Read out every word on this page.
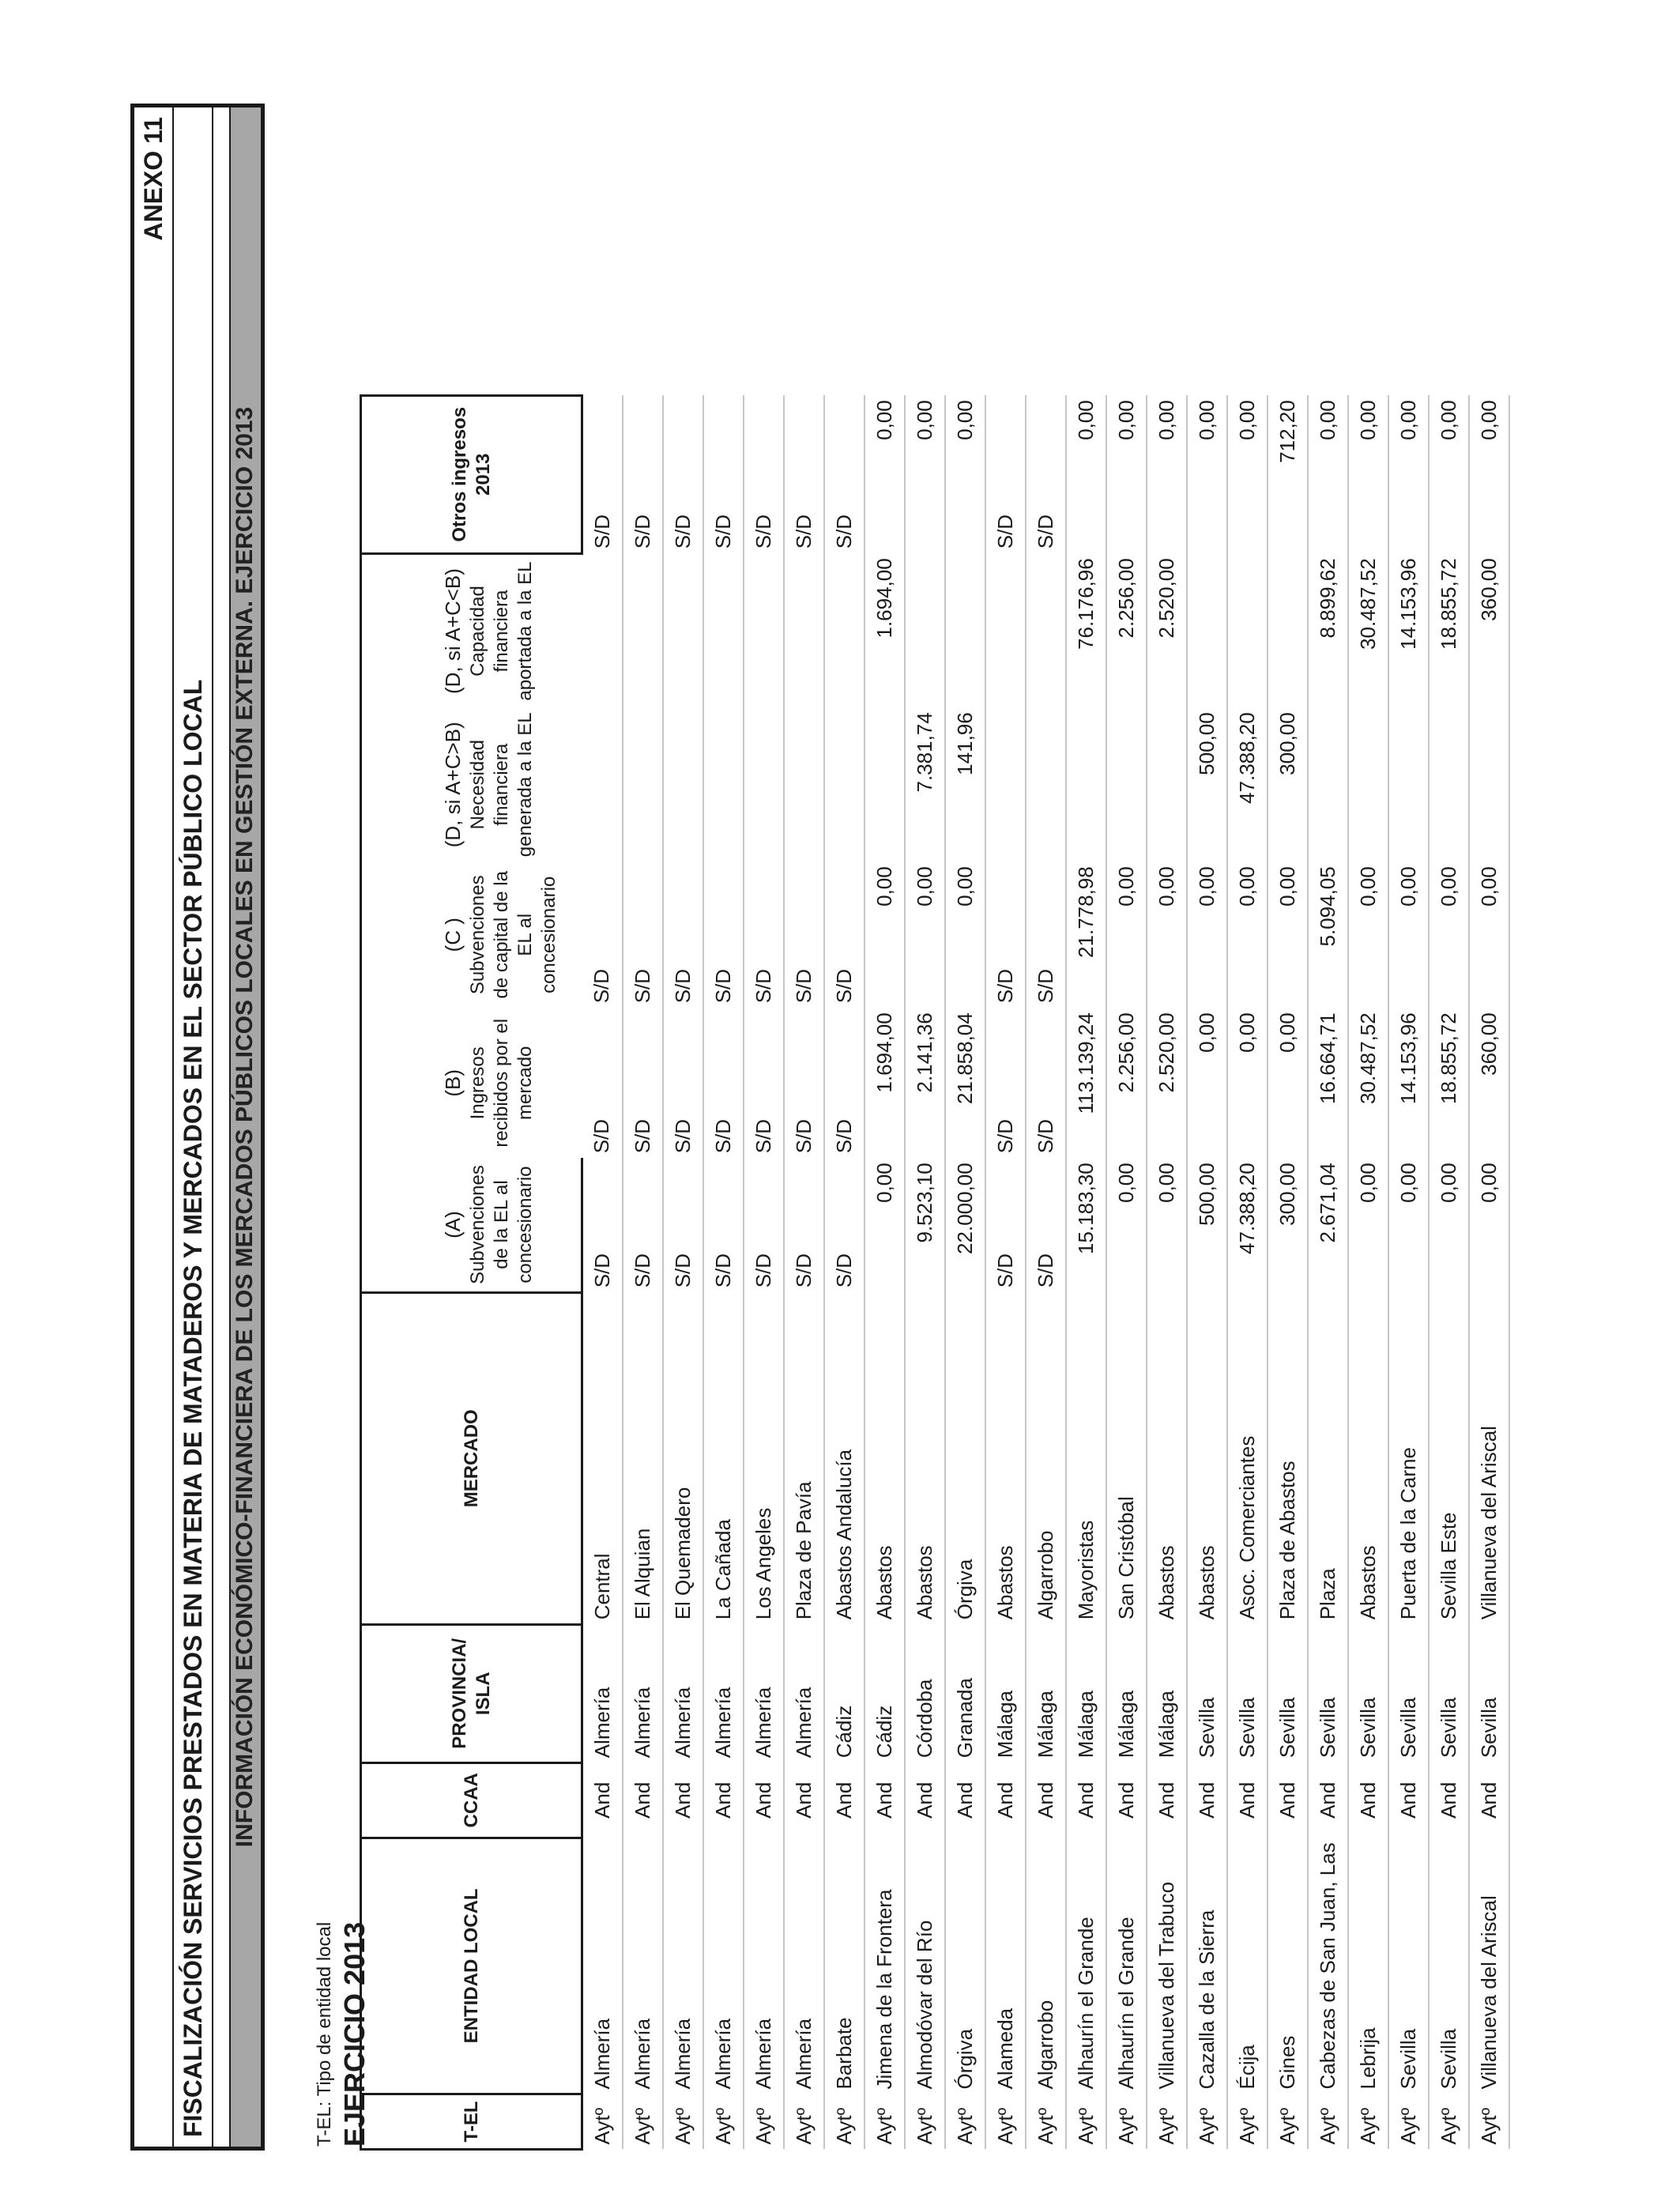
ANEXO 11
FISCALIZACIÓN SERVICIOS PRESTADOS EN MATERIA DE MATADEROS Y MERCADOS EN EL SECTOR PÚBLICO LOCAL INFORMACIÓN ECONÓMICO-FINANCIERA DE LOS MERCADOS PÚBLICOS LOCALES EN GESTIÓN EXTERNA. EJERCICIO 2013
T-EL: Tipo de entidad local EJERCICIO 2013	T-EL	ENTIDAD LOCAL	CCAA	PROVINCIA/ ISLA	MERCADO	(A)	(B)	(C )	(D, si A+C>B)	(D, si A+C<B)	Otros ingresos 2013
					Subvenciones de la EL al concesionario	Ingresos recibidos por el mercado	Subvenciones de capital de la EL al concesionario	Necesidad financiera generada a la EL	Capacidad financiera aportada a la EL	
Aytº	Almería	And	Almería	Central	S/D	S/D	S/D			S/D
Aytº	Almería	And	Almería	El Alquian	S/D	S/D	S/D			S/D
Aytº	Almería	And	Almería	El Quemadero	S/D	S/D	S/D			S/D
Aytº	Almería	And	Almería	La Cañada	S/D	S/D	S/D			S/D
Aytº	Almería	And	Almería	Los Angeles	S/D	S/D	S/D			S/D
Aytº	Almería	And	Almería	Plaza de Pavía	S/D	S/D	S/D			S/D
Aytº	Barbate	And	Cádiz	Abastos Andalucía	S/D	S/D	S/D			S/D
Aytº	Jimena de la Frontera	And	Cádiz	Abastos	0,00	1.694,00	0,00		1.694,00	0,00
Aytº	Almodóvar del Río	And	Córdoba	Abastos	9.523,10	2.141,36	0,00	7.381,74		0,00
Aytº	Órgiva	And	Granada	Órgiva	22.000,00	21.858,04	0,00	141,96		0,00
Aytº	Alameda	And	Málaga	Abastos	S/D	S/D	S/D			S/D
Aytº	Algarrobo	And	Málaga	Algarrobo	S/D	S/D	S/D			S/D
Aytº	Alhaurín el Grande	And	Málaga	Mayoristas	15.183,30	113.139,24	21.778,98		76.176,96	0,00
Aytº	Alhaurín el Grande	And	Málaga	San Cristóbal	0,00	2.256,00	0,00		2.256,00	0,00
Aytº	Villanueva del Trabuco	And	Málaga	Abastos	0,00	2.520,00	0,00		2.520,00	0,00
Aytº	Cazalla de la Sierra	And	Sevilla	Abastos	500,00	0,00	0,00	500,00		0,00
Aytº	Écija	And	Sevilla	Asoc. Comerciantes	47.388,20	0,00	0,00	47.388,20		0,00
Aytº	Gines	And	Sevilla	Plaza de Abastos	300,00	0,00	0,00	300,00		712,20
Aytº	Cabezas de San Juan, Las	And	Sevilla	Plaza	2.671,04	16.664,71	5.094,05		8.899,62	0,00
Aytº	Lebrija	And	Sevilla	Abastos	0,00	30.487,52	0,00		30.487,52	0,00
Aytº	Sevilla	And	Sevilla	Puerta de la Carne	0,00	14.153,96	0,00		14.153,96	0,00
Aytº	Sevilla	And	Sevilla	Sevilla Este	0,00	18.855,72	0,00		18.855,72	0,00
Aytº	Villanueva del Ariscal	And	Sevilla	Villanueva del Ariscal	0,00	360,00	0,00		360,00	0,00
